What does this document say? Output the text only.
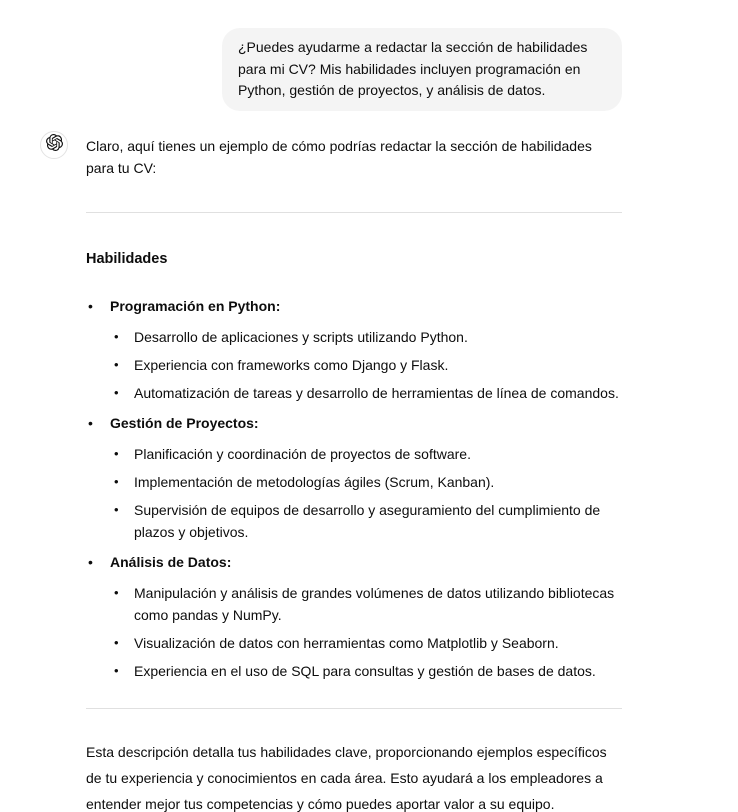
¿Puedes ayudarme a redactar la sección de habilidades para mi CV? Mis habilidades incluyen programación en Python, gestión de proyectos, y análisis de datos.

Claro, aquí tienes un ejemplo de cómo podrías redactar la sección de habilidades para tu CV:

Habilidades
• Programación en Python:
• Desarrollo de aplicaciones y scripts utilizando Python.
• Experiencia con frameworks como Django y Flask.
• Automatización de tareas y desarrollo de herramientas de línea de comandos.
• Gestión de Proyectos:
• Planificación y coordinación de proyectos de software.
• Implementación de metodologías ágiles (Scrum, Kanban).
• Supervisión de equipos de desarrollo y aseguramiento del cumplimiento de plazos y objetivos.
• Análisis de Datos:
• Manipulación y análisis de grandes volúmenes de datos utilizando bibliotecas como pandas y NumPy.
• Visualización de datos con herramientas como Matplotlib y Seaborn.
• Experiencia en el uso de SQL para consultas y gestión de bases de datos.

Esta descripción detalla tus habilidades clave, proporcionando ejemplos específicos de tu experiencia y conocimientos en cada área. Esto ayudará a los empleadores a entender mejor tus competencias y cómo puedes aportar valor a su equipo.
